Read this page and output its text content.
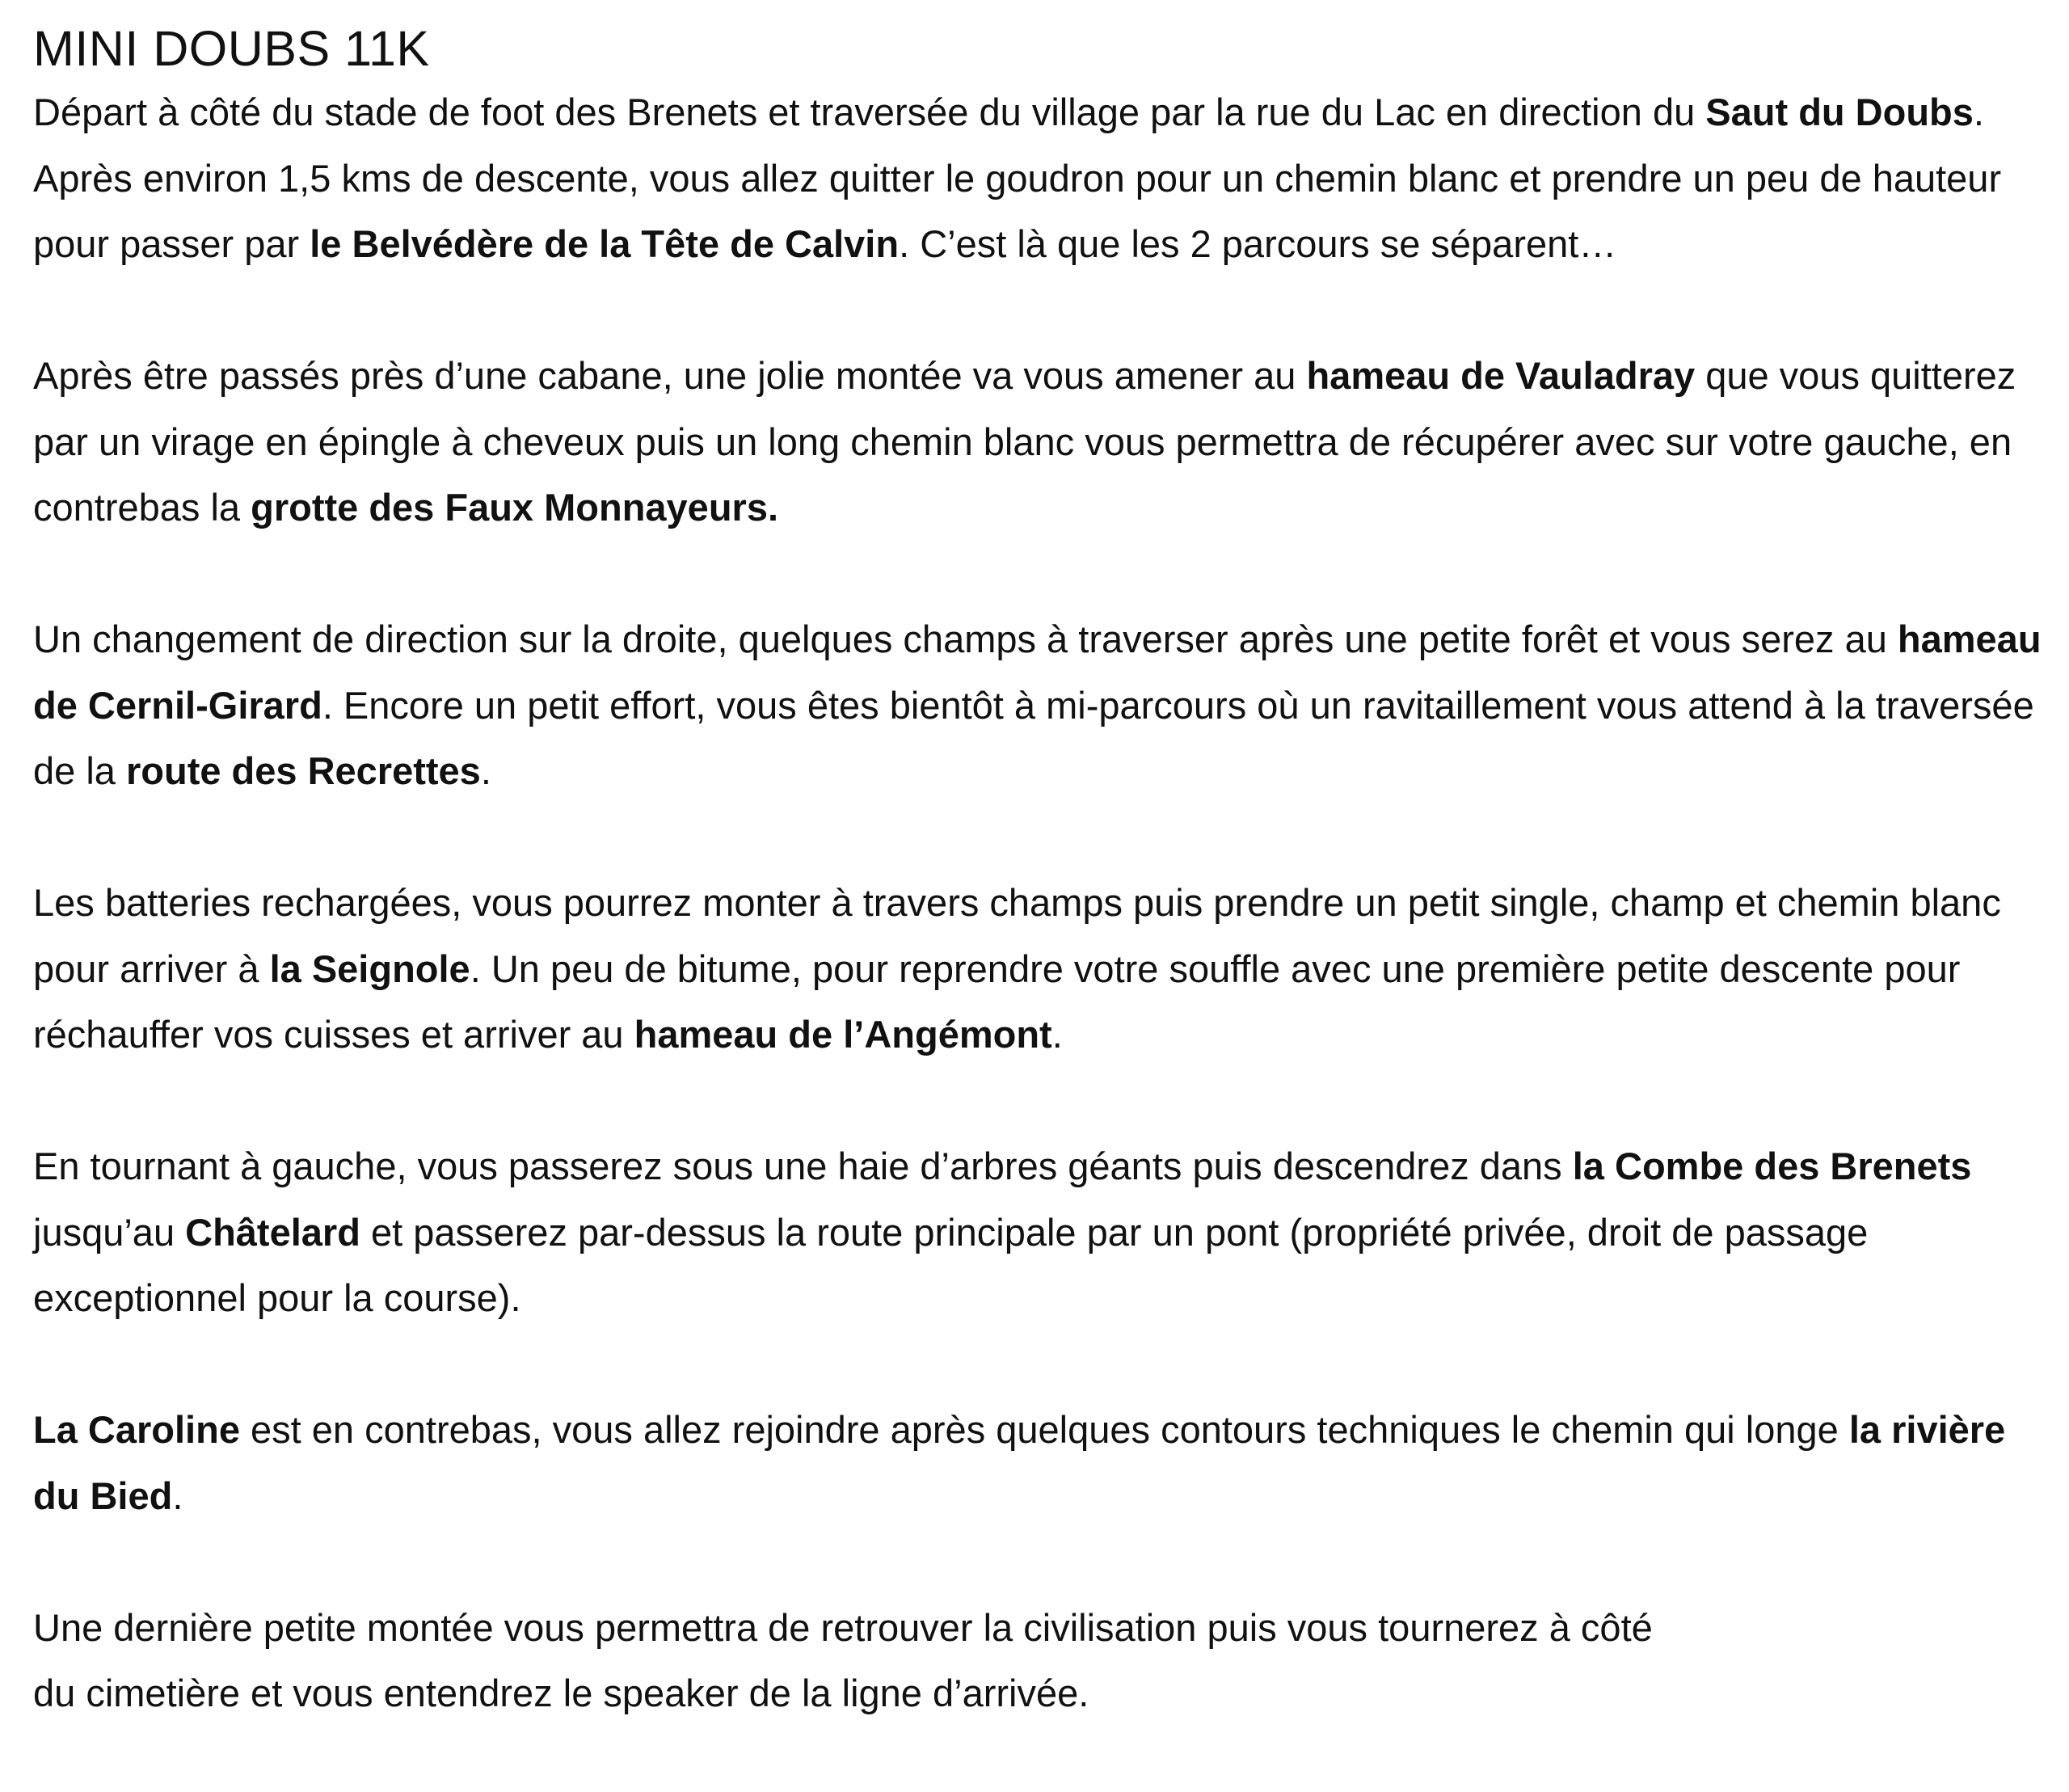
MINI DOUBS 11K

Départ à côté du stade de foot des Brenets et traversée du village par la rue du Lac en direction du Saut du Doubs. Après environ 1,5 kms de descente, vous allez quitter le goudron pour un chemin blanc et prendre un peu de hauteur pour passer par le Belvédère de la Tête de Calvin. C’est là que les 2 parcours se séparent…

Après être passés près d’une cabane, une jolie montée va vous amener au hameau de Vauladray que vous quitterez par un virage en épingle à cheveux puis un long chemin blanc vous permettra de récupérer avec sur votre gauche, en contrebas la grotte des Faux Monnayeurs.

Un changement de direction sur la droite, quelques champs à traverser après une petite forêt et vous serez au hameau de Cernil-Girard. Encore un petit effort, vous êtes bientôt à mi-parcours où un ravitaillement vous attend à la traversée de la route des Recrettes.

Les batteries rechargées, vous pourrez monter à travers champs puis prendre un petit single, champ et chemin blanc pour arriver à la Seignole. Un peu de bitume, pour reprendre votre souffle avec une première petite descente pour réchauffer vos cuisses et arriver au hameau de l’Angémont.

En tournant à gauche, vous passerez sous une haie d’arbres géants puis descendrez dans la Combe des Brenets jusqu’au Châtelard et passerez par-dessus la route principale par un pont (propriété privée, droit de passage exceptionnel pour la course).

La Caroline est en contrebas, vous allez rejoindre après quelques contours techniques le chemin qui longe la rivière du Bied.

Une dernière petite montée vous permettra de retrouver la civilisation puis vous tournerez à côté
du cimetière et vous entendrez le speaker de la ligne d’arrivée.
